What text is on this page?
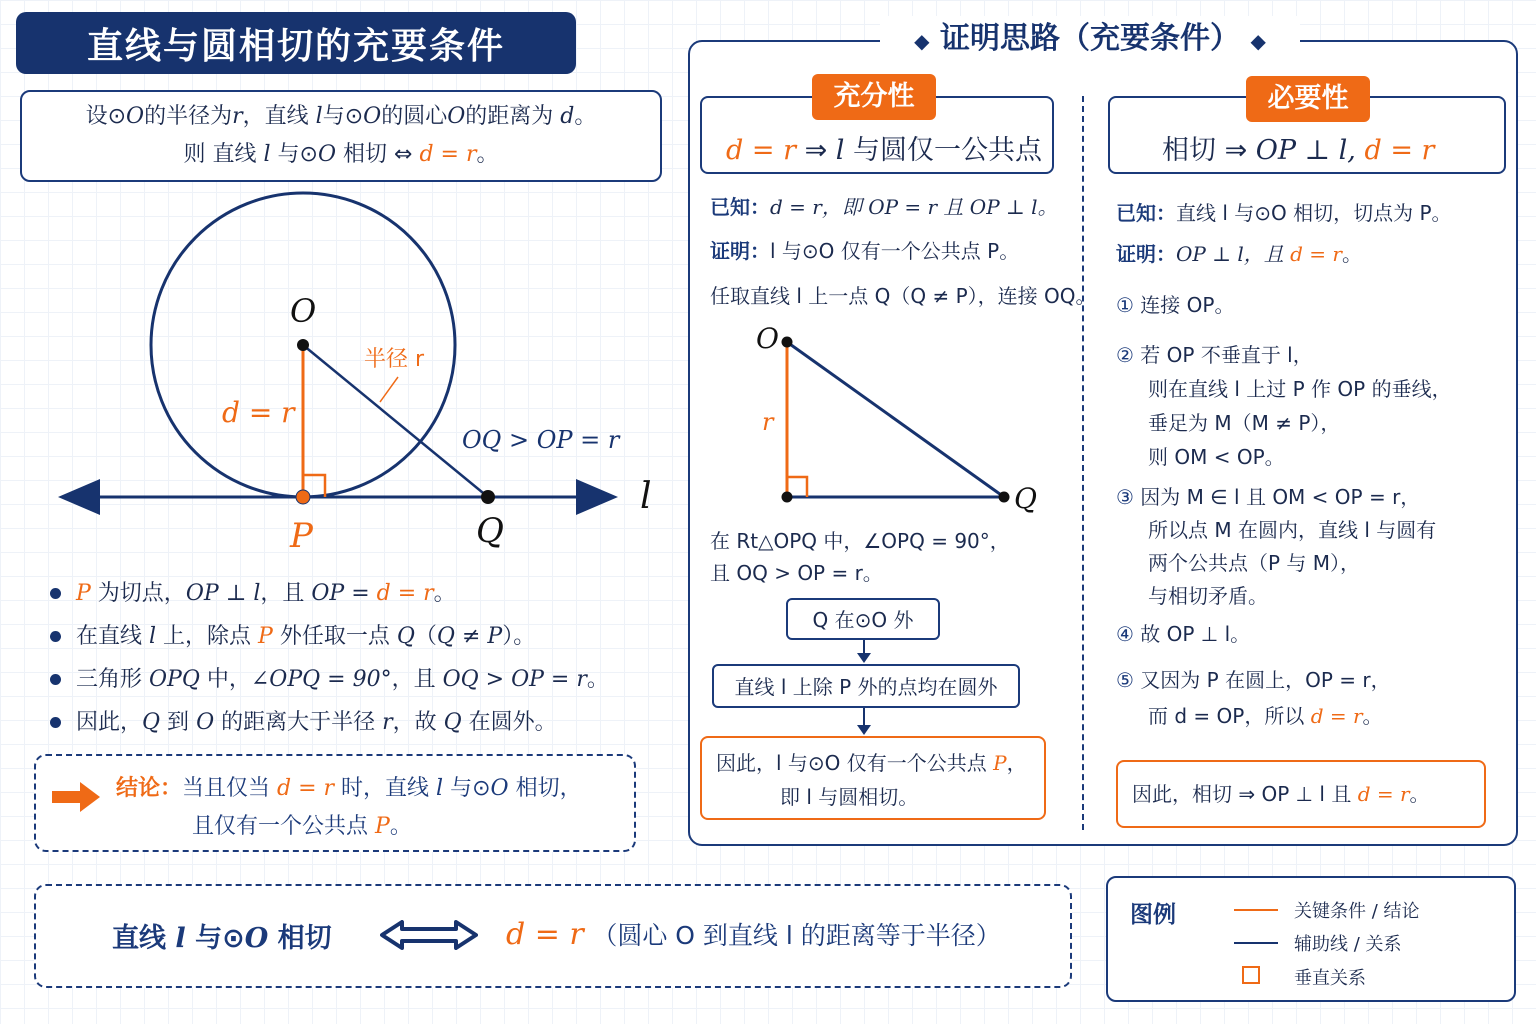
直线与圆相切的充要条件
设⊙O的半径为r，直线 l与⊙O的圆心O的距离为 d。
则 直线 l 与⊙O 相切 ⇔ d = r。
O
P	Q
l
d = r
半径 r
OQ > OP = r
P 为切点，OP ⊥ l，且 OP = d = r。
在直线 l 上，除点 P 外任取一点 Q（Q ≠ P）。
三角形 OPQ 中，∠OPQ = 90°，且 OQ > OP = r。
因此，Q 到 O 的距离大于半径 r，故 Q 在圆外。
结论：当且仅当 d = r 时，直线 l 与⊙O 相切，
且仅有一个公共点 P。
◆ 证明思路（充要条件） ◆
d = r ⇒ l 与圆仅一公共点
充分性
已知：d = r，即 OP = r 且 OP ⊥ l。
证明：l 与⊙O 仅有一个公共点 P。
任取直线 l 上一点 Q（Q ≠ P），连接 OQ。
O
Q
r
在 Rt△OPQ 中，∠OPQ = 90°，
且 OQ > OP = r。
Q 在⊙O 外
直线 l 上除 P 外的点均在圆外
因此，l 与⊙O 仅有一个公共点 P，
即 l 与圆相切。
相切 ⇒ OP ⊥ l, d = r
必要性
已知：直线 l 与⊙O 相切，切点为 P。
证明：OP ⊥ l，且 d = r。
① 连接 OP。
② 若 OP 不垂直于 l，
则在直线 l 上过 P 作 OP 的垂线，
垂足为 M（M ≠ P），
则 OM < OP。
③ 因为 M ∈ l 且 OM < OP = r，
所以点 M 在圆内，直线 l 与圆有
两个公共点（P 与 M），
与相切矛盾。
④ 故 OP ⊥ l。
⑤ 又因为 P 在圆上，OP = r，
而 d = OP，所以 d = r。
因此，相切 ⇒ OP ⊥ l 且 d = r。
直线 l 与⊙O 相切	d = r （圆心 O 到直线 l 的距离等于半径）
图例	关键条件 / 结论
辅助线 / 关系
垂直关系
